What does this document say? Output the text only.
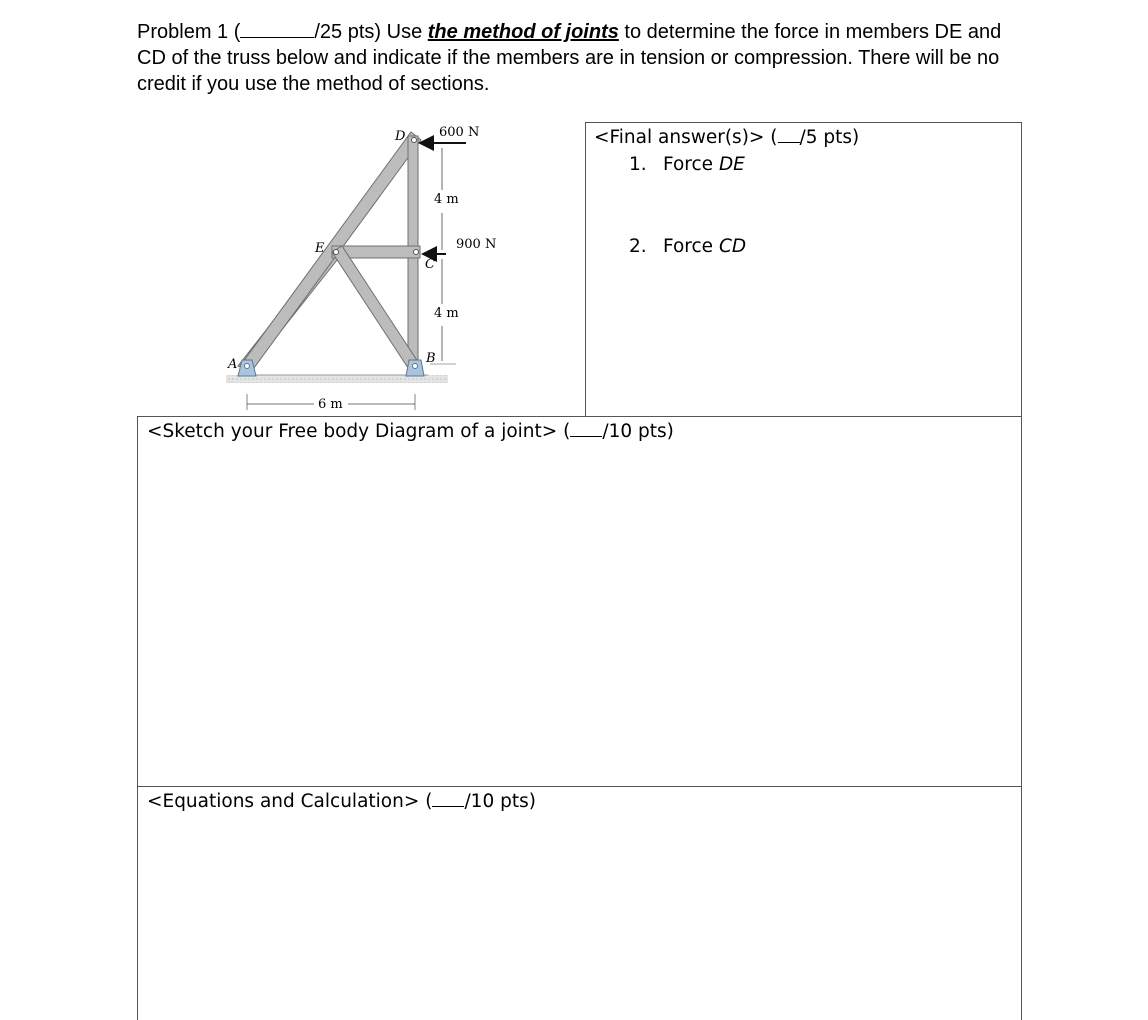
Problem 1 (	/25 pts) Use the method of joints to determine the force in members DE and CD of the truss below and indicate if the members are in tension or compression. There will be no credit if you use the method of sections.
600 N
900 N
4 m
4 m
6 m
D
E
C
A	B
<Final answer(s)> ( /5 pts)
1. Force DE
2. Force CD
<Sketch your Free body Diagram of a joint> ( /10 pts)
<Equations and Calculation> ( /10 pts)
